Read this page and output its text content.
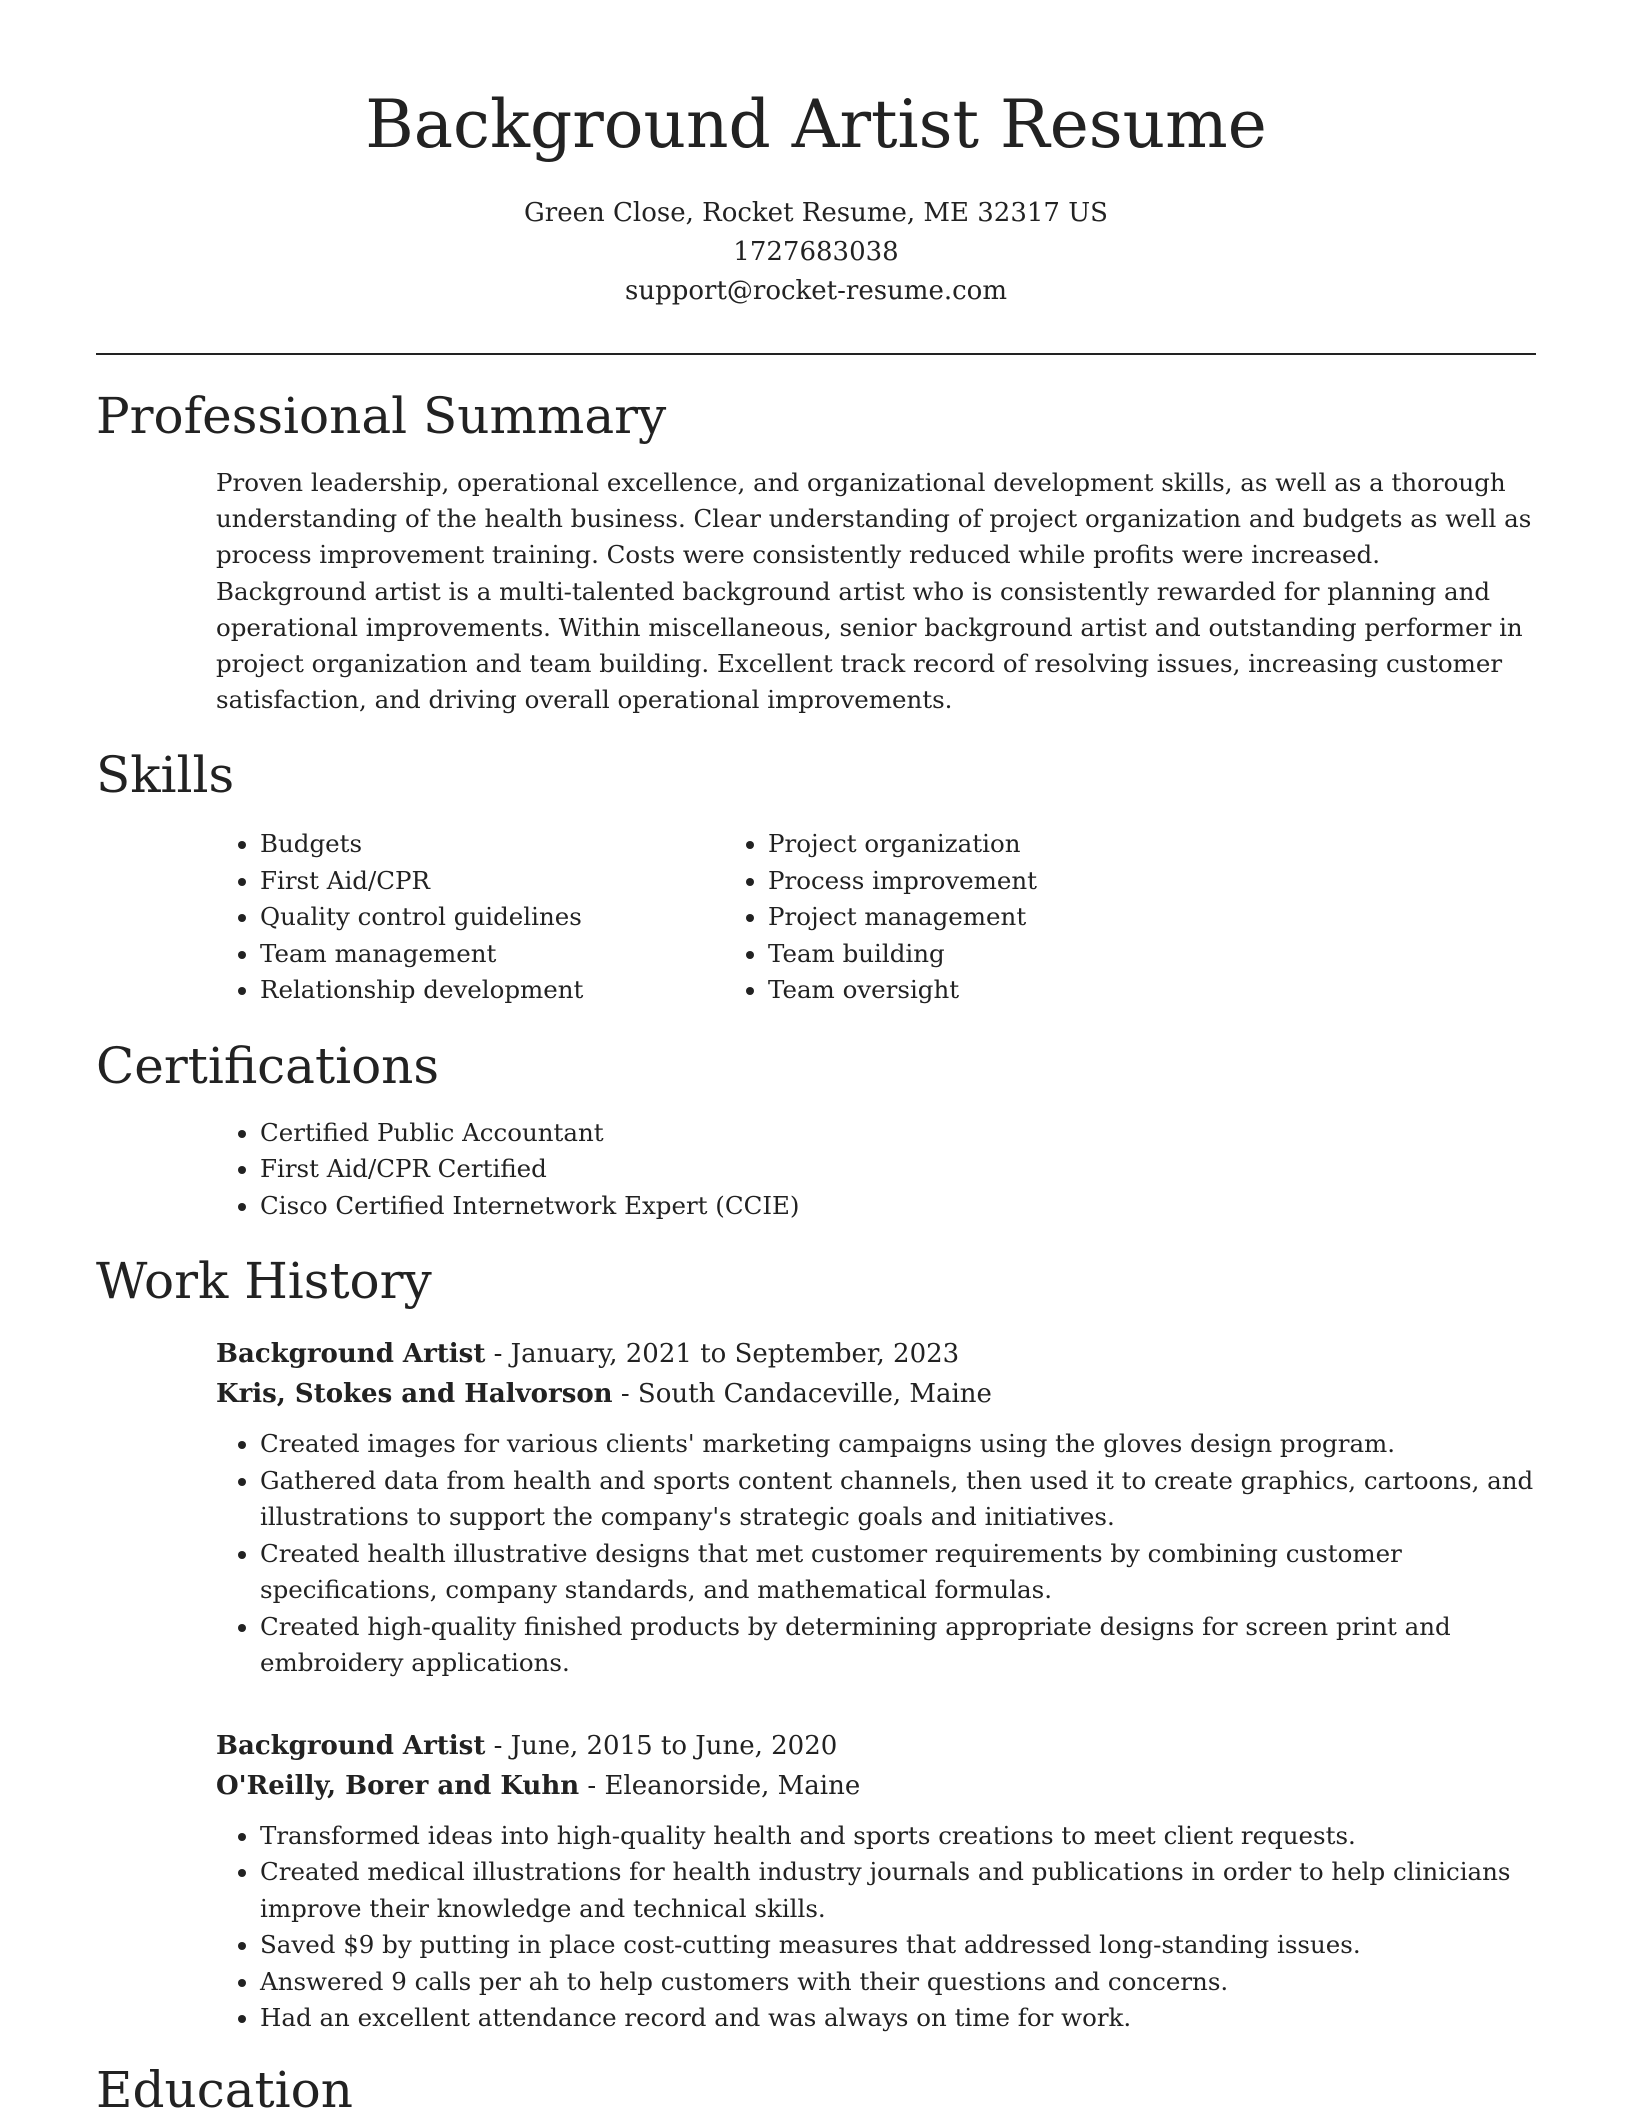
Background Artist Resume
Green Close, Rocket Resume, ME 32317 US
1727683038
support@rocket-resume.com
Professional Summary

Proven leadership, operational excellence, and organizational development skills, as well as a thorough understanding of the health business. Clear understanding of project organization and budgets as well as process improvement training. Costs were consistently reduced while profits were increased. Background artist is a multi-talented background artist who is consistently rewarded for planning and operational improvements. Within miscellaneous, senior background artist and outstanding performer in project organization and team building. Excellent track record of resolving issues, increasing customer satisfaction, and driving overall operational improvements.

Skills
• Budgets
• First Aid/CPR
• Quality control guidelines
• Team management
• Relationship development
• Project organization
• Process improvement
• Project management
• Team building
• Team oversight
Certifications
• Certified Public Accountant
• First Aid/CPR Certified
• Cisco Certified Internetwork Expert (CCIE)
Work History
Background Artist - January, 2021 to September, 2023
Kris, Stokes and Halvorson - South Candaceville, Maine
• Created images for various clients' marketing campaigns using the gloves design program.
• Gathered data from health and sports content channels, then used it to create graphics, cartoons, and illustrations to support the company's strategic goals and initiatives.
• Created health illustrative designs that met customer requirements by combining customer specifications, company standards, and mathematical formulas.
• Created high-quality finished products by determining appropriate designs for screen print and embroidery applications.
Background Artist - June, 2015 to June, 2020
O'Reilly, Borer and Kuhn - Eleanorside, Maine
• Transformed ideas into high-quality health and sports creations to meet client requests.
• Created medical illustrations for health industry journals and publications in order to help clinicians improve their knowledge and technical skills.
• Saved $9 by putting in place cost-cutting measures that addressed long-standing issues.
• Answered 9 calls per ah to help customers with their questions and concerns.
• Had an excellent attendance record and was always on time for work.
Education
